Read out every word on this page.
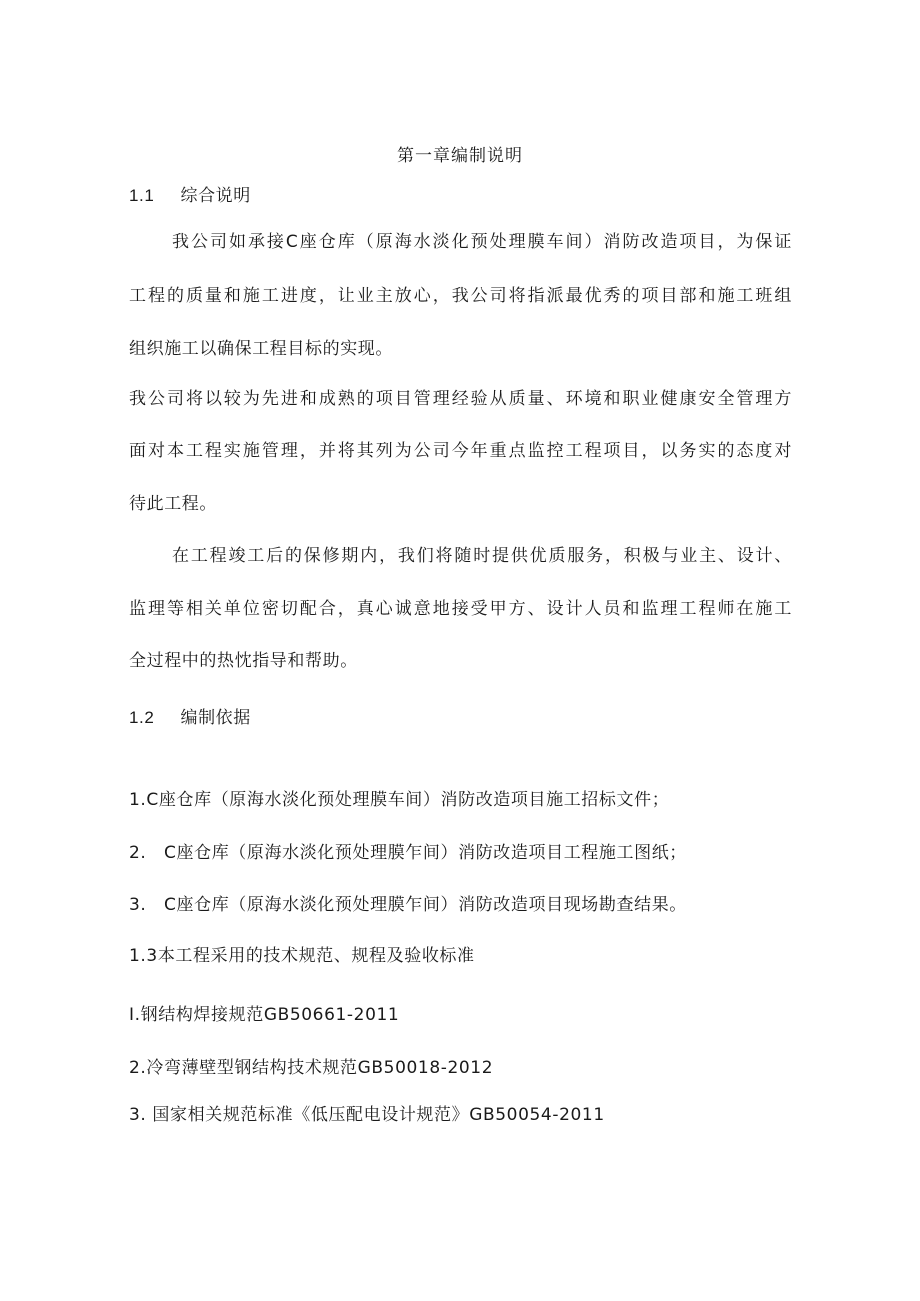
第一章编制说明
1.1 综合说明
我公司如承接C座仓库（原海水淡化预处理膜车间）消防改造项目，为保证
工程的质量和施工进度，让业主放心，我公司将指派最优秀的项目部和施工班组
组织施工以确保工程目标的实现。
我公司将以较为先进和成熟的项目管理经验从质量、环境和职业健康安全管理方
面对本工程实施管理，并将其列为公司今年重点监控工程项目，以务实的态度对
待此工程。
在工程竣工后的保修期内，我们将随时提供优质服务，积极与业主、设计、
监理等相关单位密切配合，真心诚意地接受甲方、设计人员和监理工程师在施工
全过程中的热忱指导和帮助。
1.2 编制依据
1.C座仓库（原海水淡化预处理膜车间）消防改造项目施工招标文件；
2.　C座仓库（原海水淡化预处理膜乍间）消防改造项目工程施工图纸；
3.　C座仓库（原海水淡化预处理膜乍间）消防改造项目现场勘查结果。
1.3本工程采用的技术规范、规程及验收标准
I.钢结构焊接规范GB50661-2011
2.冷弯薄壁型钢结构技术规范GB50018-2012
3. 国家相关规范标准《低压配电设计规范》GB50054-2011
